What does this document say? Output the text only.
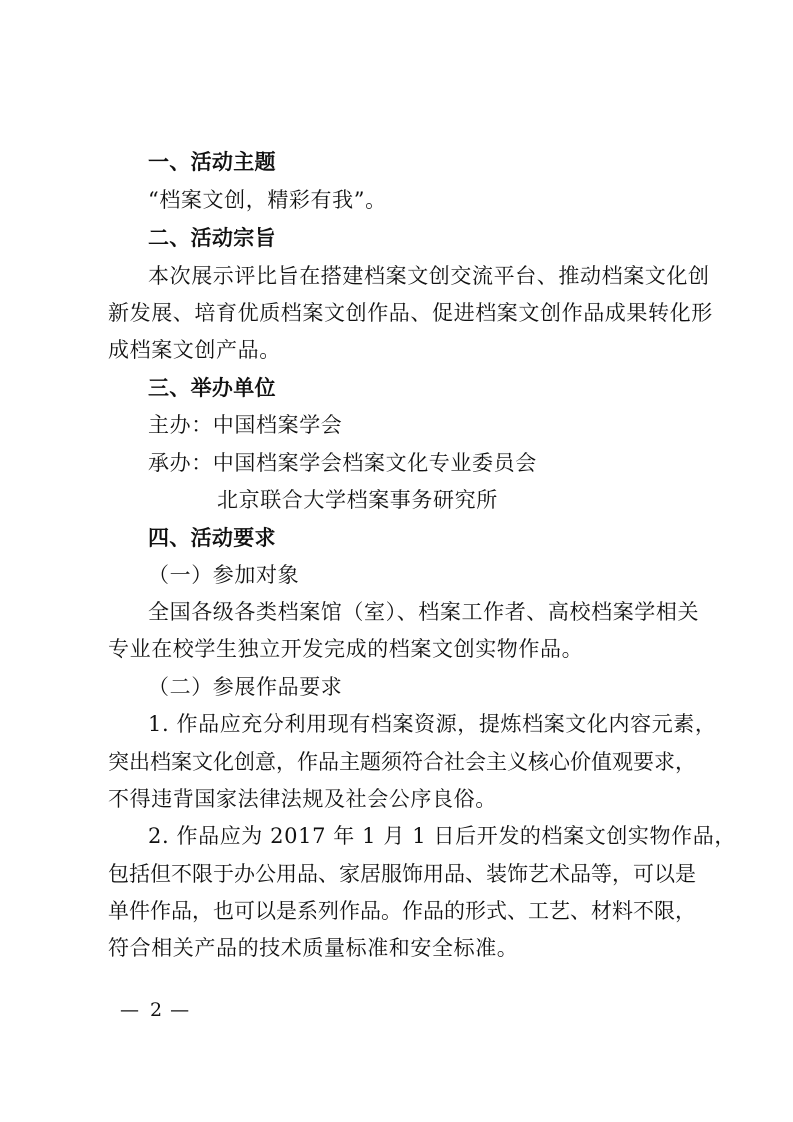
一、活动主题
“档案文创，精彩有我”。
二、活动宗旨
本次展示评比旨在搭建档案文创交流平台、推动档案文化创
新发展、培育优质档案文创作品、促进档案文创作品成果转化形
成档案文创产品。
三、举办单位
主办：中国档案学会
承办：中国档案学会档案文化专业委员会
北京联合大学档案事务研究所
四、活动要求
（一）参加对象
全国各级各类档案馆（室）、档案工作者、高校档案学相关
专业在校学生独立开发完成的档案文创实物作品。
（二）参展作品要求
1. 作品应充分利用现有档案资源，提炼档案文化内容元素，
突出档案文化创意，作品主题须符合社会主义核心价值观要求，
不得违背国家法律法规及社会公序良俗。
2. 作品应为 2017 年 1 月 1 日后开发的档案文创实物作品，
包括但不限于办公用品、家居服饰用品、装饰艺术品等，可以是
单件作品，也可以是系列作品。作品的形式、工艺、材料不限，
符合相关产品的技术质量标准和安全标准。
— 2 —
